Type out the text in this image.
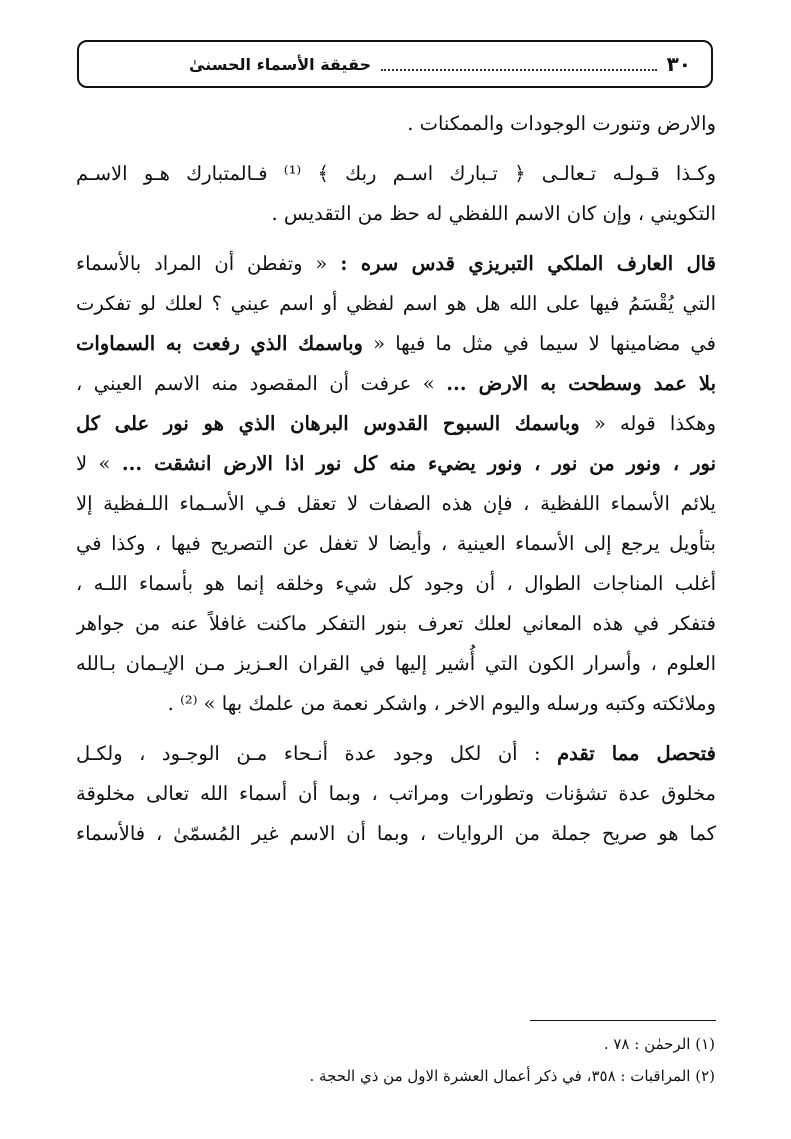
٣٠
حقيقة الأسماء الحسنىٰ
والارض وتنورت الوجودات والممكنات .
وكـذا قـولـه تـعالـى ﴿ تـبارك اسـم ربك ﴾ ⁽¹⁾ فـالمتبارك هـو الاسـم
التكويني ، وإن كان الاسم اللفظي له حظ من التقديس .
قال العارف الملكي التبريزي قدس سره : « وتفطن أن المراد بالأسماء
التي يُقْسَمُ فيها على الله هل هو اسم لفظي أو اسم عيني ؟ لعلك لو تفكرت
في مضامينها لا سيما في مثل ما فيها « وباسمك الذي رفعت به السماوات
بلا عمد وسطحت به الارض ... » عرفت أن المقصود منه الاسم العيني ،
وهكذا قوله « وباسمك السبوح القدوس البرهان الذي هو نور على كل
نور ، ونور من نور ، ونور يضيء منه كل نور اذا الارض انشقت ... » لا
يلائم الأسماء اللفظية ، فإن هذه الصفات لا تعقل فـي الأسـماء اللـفظية إلا
بتأويل يرجع إلى الأسماء العينية ، وأيضا لا تغفل عن التصريح فيها ، وكذا في
أغلب المناجات الطوال ، أن وجود كل شيء وخلقه إنما هو بأسماء اللـه ،
فتفكر في هذه المعاني لعلك تعرف بنور التفكر ماكنت غافلاً عنه من جواهر
العلوم ، وأسرار الكون التي أُشير إليها في القران العـزيز مـن الإيـمان بـالله
وملائكته وكتبه ورسله واليوم الاخر ، واشكر نعمة من علمك بها » ⁽²⁾ .
فتحصل مما تقدم : أن لكل وجود عدة أنـحاء مـن الوجـود ، ولكـل
مخلوق عدة تشؤنات وتطورات ومراتب ، وبما أن أسماء الله تعالى مخلوقة
كما هو صريح جملة من الروايات ، وبما أن الاسم غير المُسمّىٰ ، فالأسماء
(١) الرحمٰن : ٧٨ .
(٢) المراقبات : ٣٥٨، في ذكر أعمال العشرة الاول من ذي الحجة .
